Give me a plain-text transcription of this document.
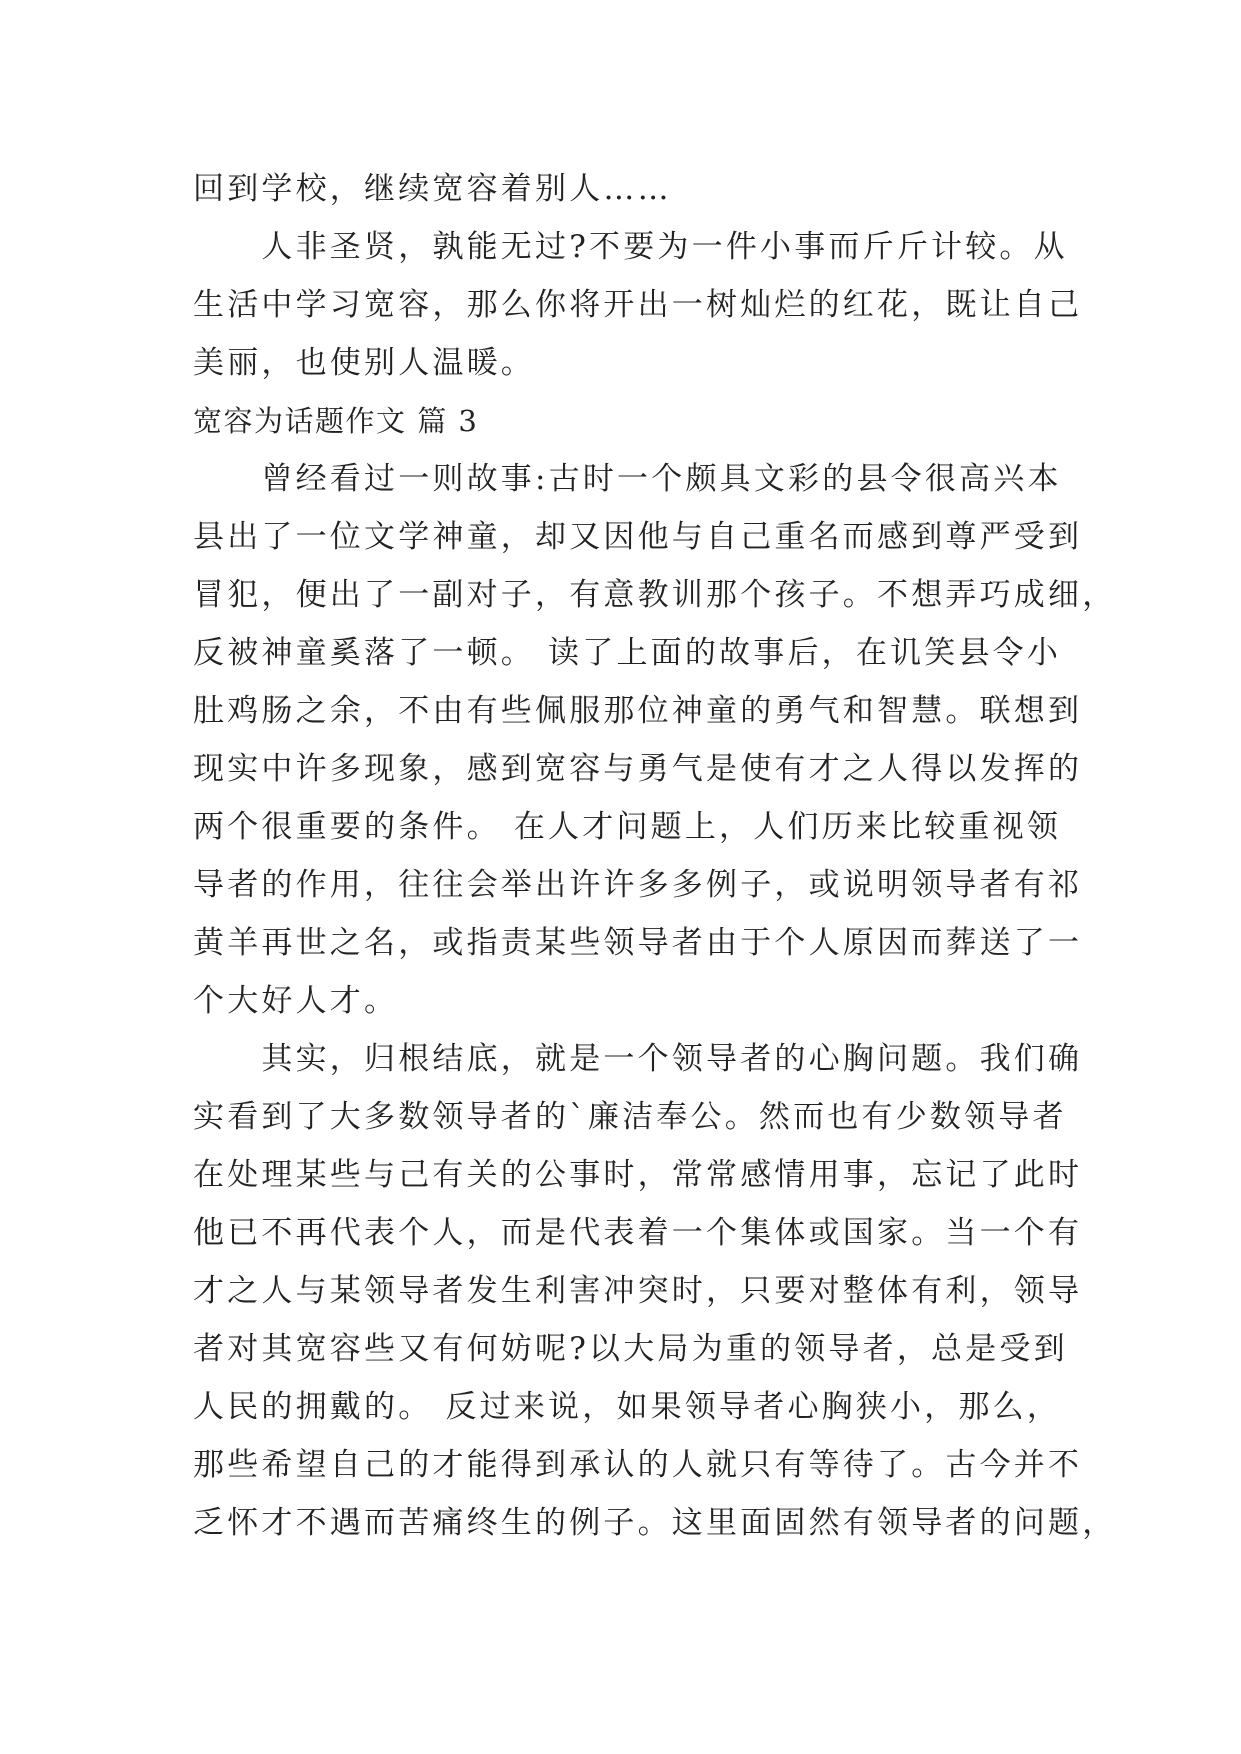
回到学校，继续宽容着别人……
　　人非圣贤，孰能无过?不要为一件小事而斤斤计较。从
生活中学习宽容，那么你将开出一树灿烂的红花，既让自己
美丽，也使别人温暖。
宽容为话题作文 篇 3
　　曾经看过一则故事:古时一个颇具文彩的县令很高兴本
县出了一位文学神童，却又因他与自己重名而感到尊严受到
冒犯，便出了一副对子，有意教训那个孩子。不想弄巧成细，
反被神童奚落了一顿。 读了上面的故事后，在讥笑县令小
肚鸡肠之余，不由有些佩服那位神童的勇气和智慧。联想到
现实中许多现象，感到宽容与勇气是使有才之人得以发挥的
两个很重要的条件。 在人才问题上，人们历来比较重视领
导者的作用，往往会举出许许多多例子，或说明领导者有祁
黄羊再世之名，或指责某些领导者由于个人原因而葬送了一
个大好人才。
　　其实，归根结底，就是一个领导者的心胸问题。我们确
实看到了大多数领导者的`廉洁奉公。然而也有少数领导者
在处理某些与己有关的公事时，常常感情用事，忘记了此时
他已不再代表个人，而是代表着一个集体或国家。当一个有
才之人与某领导者发生利害冲突时，只要对整体有利，领导
者对其宽容些又有何妨呢?以大局为重的领导者，总是受到
人民的拥戴的。 反过来说，如果领导者心胸狭小，那么，
那些希望自己的才能得到承认的人就只有等待了。古今并不
乏怀才不遇而苦痛终生的例子。这里面固然有领导者的问题，
